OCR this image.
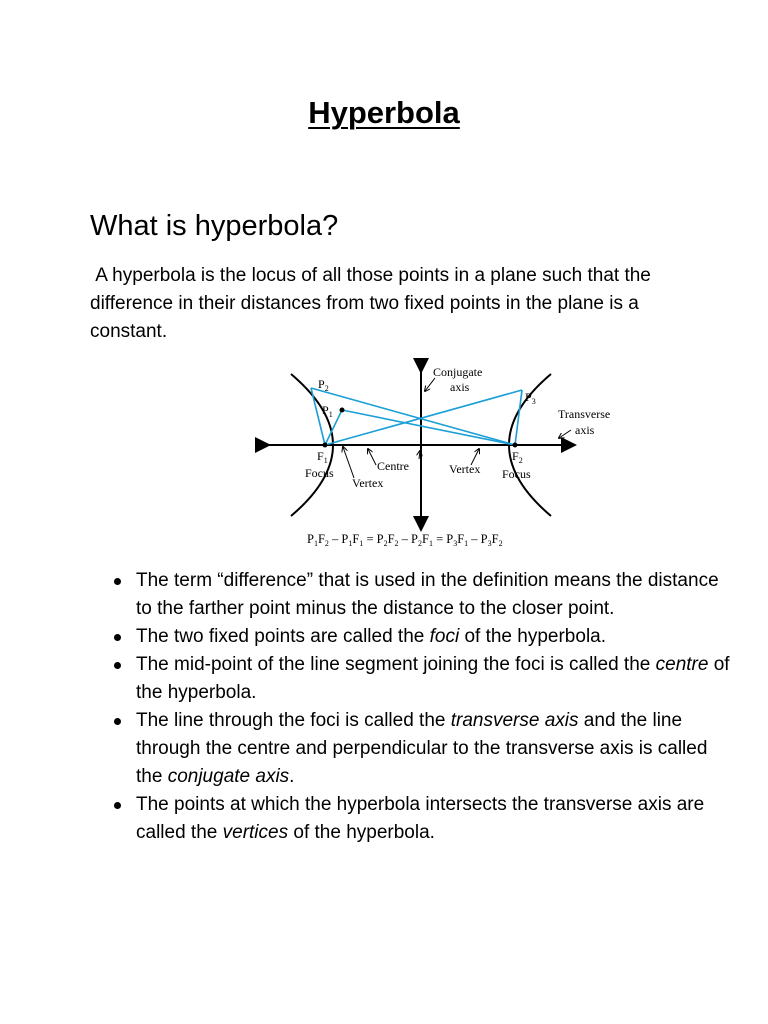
Hyperbola
What is hyperbola?
A hyperbola is the locus of all those points in a plane such that the difference in their distances from two fixed points in the plane is a constant.
Conjugate
axis
Transverse
axis
$P_2$
$P_1$
$P_3$
$F_1$	$F_2$
Focus	Focus
Centre
Vertex
Vertex
$P_1F_2 - P_1F_1 = P_2F_2 - P_2F_1 = P_3F_1 - P_3F_2$
The term “difference” that is used in the definition means the distance to the farther point minus the distance to the closer point.
The two fixed points are called the foci of the hyperbola.
The mid-point of the line segment joining the foci is called the centre of the hyperbola.
The line through the foci is called the transverse axis and the line through the centre and perpendicular to the transverse axis is called the conjugate axis.
The points at which the hyperbola intersects the transverse axis are called the vertices of the hyperbola.
